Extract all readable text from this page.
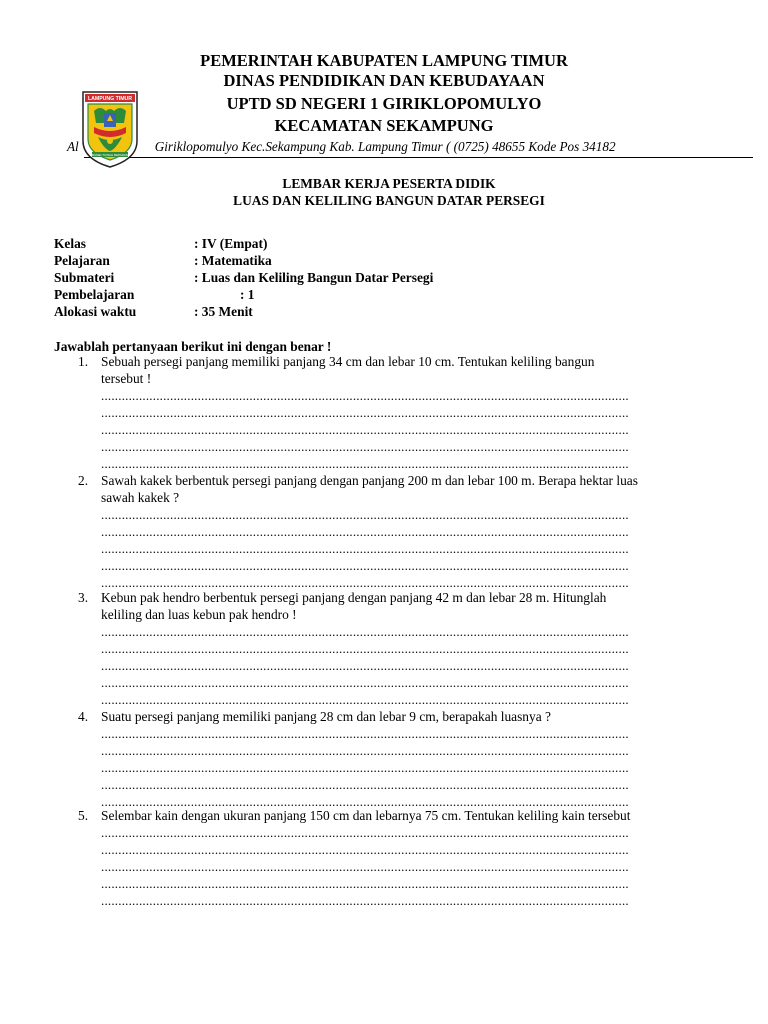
PEMERINTAH KABUPATEN LAMPUNG TIMUR
DINAS PENDIDIKAN DAN KEBUDAYAAN
UPTD SD NEGERI 1 GIRIKLOPOMULYO
KECAMATAN SEKAMPUNG
Al	Giriklopomulyo Kec.Sekampung Kab. Lampung Timur ( (0725) 48655 Kode Pos 34182
LAMPUNG TIMUR
BUMEI TUWAH BEPADAN
LEMBAR KERJA PESERTA DIDIK
LUAS DAN KELILING BANGUN DATAR PERSEGI
Kelas	: IV (Empat)
Pelajaran	: Matematika
Submateri	: Luas dan Keliling Bangun Datar Persegi
Pembelajaran	: 1
Alokasi waktu	: 35 Menit
Jawablah pertanyaan berikut ini dengan benar !
1. Sebuah persegi panjang memiliki panjang 34 cm dan lebar 10 cm. Tentukan keliling bangun
tersebut !
.........................................................................................................................................................
.........................................................................................................................................................
.........................................................................................................................................................
.........................................................................................................................................................
.........................................................................................................................................................
2. Sawah kakek berbentuk persegi panjang dengan panjang 200 m dan lebar 100 m. Berapa hektar luas
sawah kakek ?
.........................................................................................................................................................
.........................................................................................................................................................
.........................................................................................................................................................
.........................................................................................................................................................
.........................................................................................................................................................
3. Kebun pak hendro berbentuk persegi panjang dengan panjang 42 m dan lebar 28 m. Hitunglah
keliling dan luas kebun pak hendro !
.........................................................................................................................................................
.........................................................................................................................................................
.........................................................................................................................................................
.........................................................................................................................................................
.........................................................................................................................................................
4. Suatu persegi panjang memiliki panjang 28 cm dan lebar 9 cm, berapakah luasnya ?
.........................................................................................................................................................
.........................................................................................................................................................
.........................................................................................................................................................
.........................................................................................................................................................
.........................................................................................................................................................
5. Selembar kain dengan ukuran panjang 150 cm dan lebarnya 75 cm. Tentukan keliling kain tersebut
.........................................................................................................................................................
.........................................................................................................................................................
.........................................................................................................................................................
.........................................................................................................................................................
.........................................................................................................................................................
